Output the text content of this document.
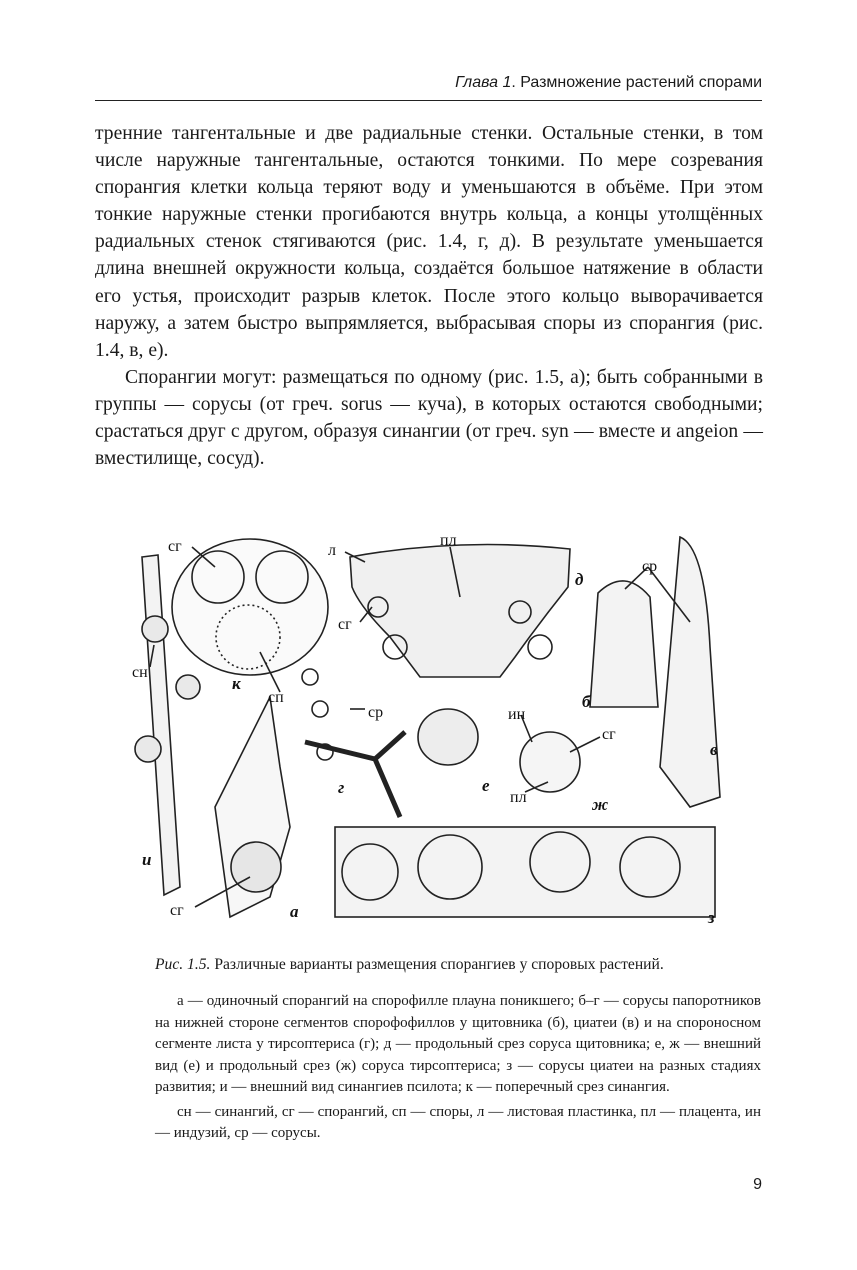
Глава 1. Размножение растений спорами

тренние тангентальные и две радиальные стенки. Остальные стенки, в том числе наружные тангентальные, остаются тонкими. По мере созревания спорангия клетки кольца теряют воду и уменьшаются в объёме. При этом тонкие наружные стенки прогибаются внутрь кольца, а концы утолщённых радиальных стенок стягиваются (рис. 1.4, г, д). В результате уменьшается длина внешней окружности кольца, создаётся большое натяжение в области его устья, происходит разрыв клеток. После этого кольцо выворачивается наружу, а затем быстро выпрямляется, выбрасывая споры из спорангия (рис. 1.4, в, е).

Спорангии могут: размещаться по одному (рис. 1.5, а); быть собранными в группы — сорусы (от греч. sorus — куча), в которых остаются свободными; срастаться друг с другом, образуя синангии (от греч. syn — вместе и angeion — вместилище, сосуд).

сг	л
пл
сг
ср
сн
сп
ср	ин
сг
пл
сг
д
к
б
г	е
ж
в
и
а	з

Рис. 1.5. Различные варианты размещения спорангиев у споровых растений.

а — одиночный спорангий на спорофилле плауна поникшего; б–г — сорусы папоротников на нижней стороне сегментов спорофофиллов у щитовника (б), циатеи (в) и на спороносном сегменте листа у тирсоптериса (г); д — продольный срез соруса щитовника; е, ж — внешний вид (е) и продольный срез (ж) соруса тирсоптериса; з — сорусы циатеи на разных стадиях развития; и — внешний вид синангиев псилота; к — поперечный срез синангия.

сн — синангий, сг — спорангий, сп — споры, л — листовая пластинка, пл — плацента, ин — индузий, ср — сорусы.

9
